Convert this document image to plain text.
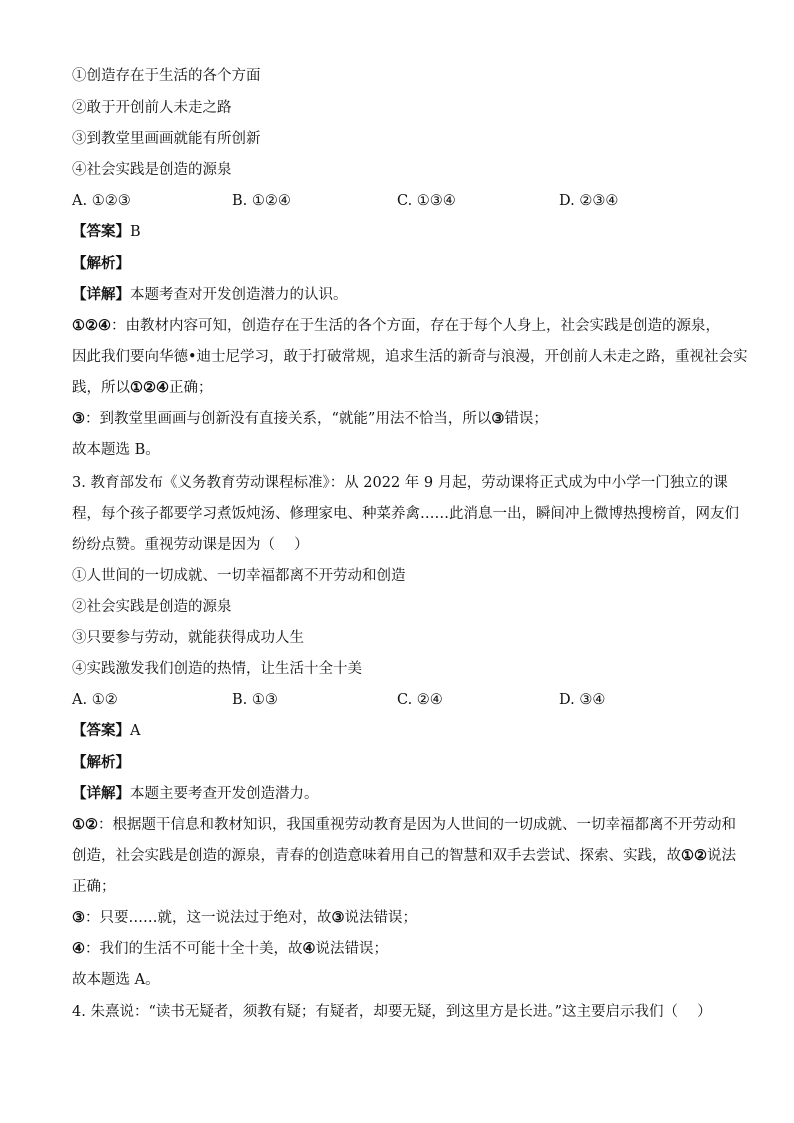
①创造存在于生活的各个方面
②敢于开创前人未走之路
③到教堂里画画就能有所创新
④社会实践是创造的源泉
A. ①②③	B. ①②④	C. ①③④	D. ②③④
【答案】B
【解析】
【详解】本题考查对开发创造潜力的认识。
①②④：由教材内容可知，创造存在于生活的各个方面，存在于每个人身上，社会实践是创造的源泉，
因此我们要向华德•迪士尼学习，敢于打破常规，追求生活的新奇与浪漫，开创前人未走之路，重视社会实
践，所以①②④正确；
③：到教堂里画画与创新没有直接关系，“就能”用法不恰当，所以③错误；
故本题选 B。
3. 教育部发布《义务教育劳动课程标准》：从 2022 年 9 月起，劳动课将正式成为中小学一门独立的课
程，每个孩子都要学习煮饭炖汤、修理家电、种菜养禽……此消息一出，瞬间冲上微博热搜榜首，网友们
纷纷点赞。重视劳动课是因为（　 ）
①人世间的一切成就、一切幸福都离不开劳动和创造
②社会实践是创造的源泉
③只要参与劳动，就能获得成功人生
④实践激发我们创造的热情，让生活十全十美
A. ①②	B. ①③	C. ②④	D. ③④
【答案】A
【解析】
【详解】本题主要考查开发创造潜力。
①②：根据题干信息和教材知识，我国重视劳动教育是因为人世间的一切成就、一切幸福都离不开劳动和
创造，社会实践是创造的源泉，青春的创造意味着用自己的智慧和双手去尝试、探索、实践，故①②说法
正确；
③：只要……就，这一说法过于绝对，故③说法错误；
④：我们的生活不可能十全十美，故④说法错误；
故本题选 A。
4. 朱熹说：“读书无疑者，须教有疑；有疑者，却要无疑，到这里方是长进。”这主要启示我们（　 ）
